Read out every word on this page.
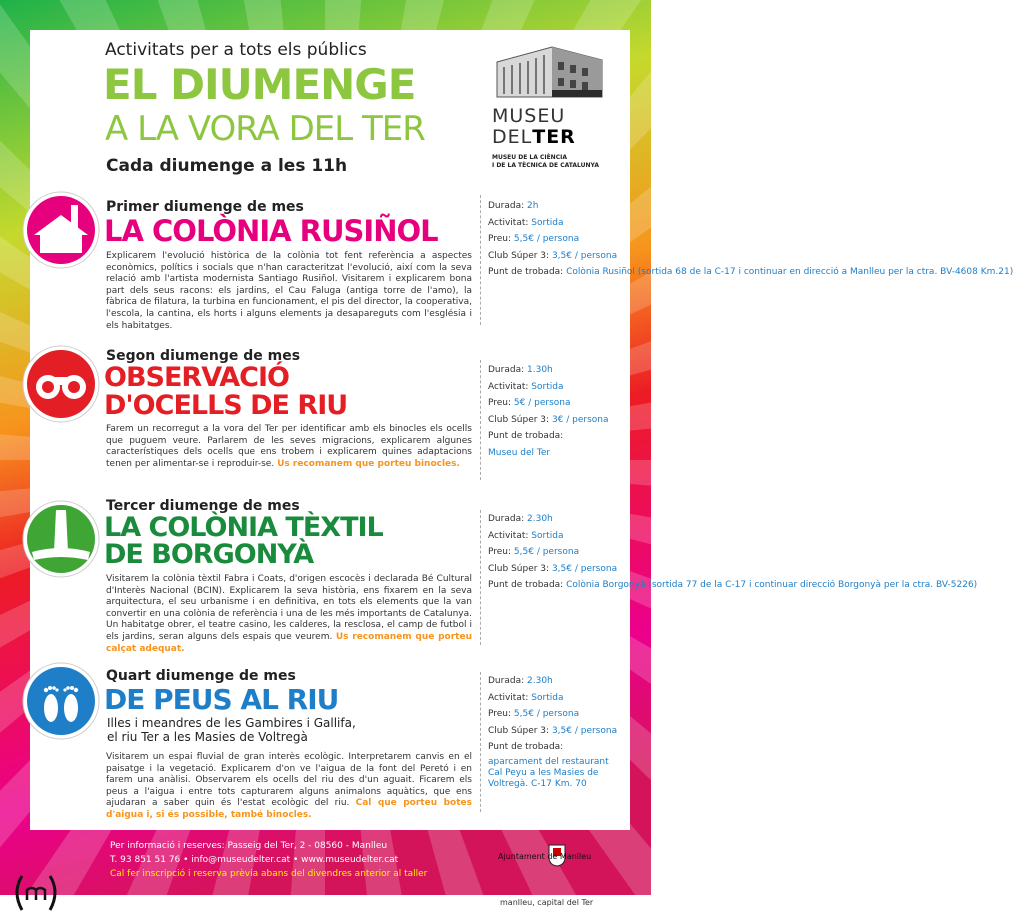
Activitats per a tots els públics
EL DIUMENGE
A LA VORA DEL TER
Cada diumenge a les 11h
MUSEU
DELTER
MUSEU DE LA CIÈNCIA
I DE LA TÈCNICA DE CATALUNYA
Primer diumenge de mes
LA COLÒNIA RUSIÑOL
Explicarem l'evolució històrica de la colònia tot fent referència a aspectes econòmics, polítics i socials que n'han caracteritzat l'evolució, així com la seva relació amb l'artista modernista Santiago Rusiñol. Visitarem i explicarem bona part dels seus racons: els jardins, el Cau Faluga (antiga torre de l'amo), la fàbrica de filatura, la turbina en funcionament, el pis del director, la cooperativa, l'escola, la cantina, els horts i alguns elements ja desapareguts com l'església i els habitatges.
Durada: 2h
Activitat: Sortida
Preu: 5,5€ / persona
Club Súper 3: 3,5€ / persona
Punt de trobada: Colònia Rusiñol (sortida 68 de la C-17 i continuar en direcció a Manlleu per la ctra. BV-4608 Km.21)
Segon diumenge de mes
OBSERVACIÓ
D'OCELLS DE RIU
Farem un recorregut a la vora del Ter per identificar amb els binocles els ocells que puguem veure. Parlarem de les seves migracions, explicarem algunes característiques dels ocells que ens trobem i explicarem quines adaptacions tenen per alimentar-se i reproduir-se. Us recomanem que porteu binocles.
Durada: 1.30h
Activitat: Sortida
Preu: 5€ / persona
Club Súper 3: 3€ / persona
Punt de trobada:
Museu del Ter
Tercer diumenge de mes
LA COLÒNIA TÈXTIL
DE BORGONYÀ
Visitarem la colònia tèxtil Fabra i Coats, d'origen escocès i declarada Bé Cultural d'Interès Nacional (BCIN). Explicarem la seva història, ens fixarem en la seva arquitectura, el seu urbanisme i en definitiva, en tots els elements que la van convertir en una colònia de referència i una de les més importants de Catalunya. Un habitatge obrer, el teatre casino, les calderes, la resclosa, el camp de futbol i els jardins, seran alguns dels espais que veurem. Us recomanem que porteu calçat adequat.
Durada: 2.30h
Activitat: Sortida
Preu: 5,5€ / persona
Club Súper 3: 3,5€ / persona
Punt de trobada: Colònia Borgonyà (sortida 77 de la C-17 i continuar direcció Borgonyà per la ctra. BV-5226)
Quart diumenge de mes
DE PEUS AL RIU
Illes i meandres de les Gambires i Gallifa, el riu Ter a les Masies de Voltregà
Visitarem un espai fluvial de gran interès ecològic. Interpretarem canvis en el paisatge i la vegetació. Explicarem d'on ve l'aigua de la font del Peretó i en farem una anàlisi. Observarem els ocells del riu des d'un aguait. Ficarem els peus a l'aigua i entre tots capturarem alguns animalons aquàtics, que ens ajudaran a saber quin és l'estat ecològic del riu. Cal que porteu botes d'aigua i, si és possible, també binocles.
Durada: 2.30h
Activitat: Sortida
Preu: 5,5€ / persona
Club Súper 3: 3,5€ / persona
Punt de trobada:
aparcament del restaurant Cal Peyu a les Masies de Voltregà. C-17 Km. 70
Per informació i reserves: Passeig del Ter, 2 - 08560 - Manlleu
T. 93 851 51 76 • info@museudelter.cat • www.museudelter.cat
Cal fer inscripció i reserva prèvia abans del divendres anterior al taller
Ajuntament de Manlleu
manlleu, capital del Ter
